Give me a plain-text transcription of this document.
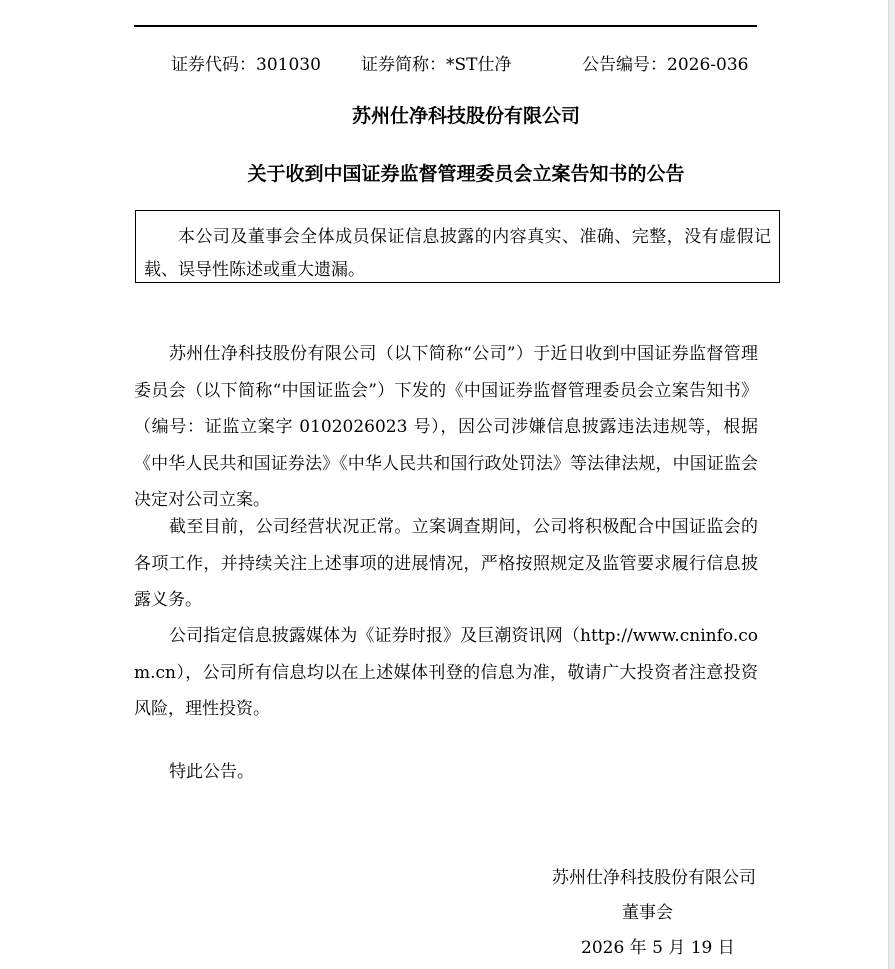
证券代码：301030 证券简称：*ST仕净	公告编号：2026-036
苏州仕净科技股份有限公司
关于收到中国证券监督管理委员会立案告知书的公告
本公司及董事会全体成员保证信息披露的内容真实、准确、完整，没有虚假记载、误导性陈述或重大遗漏。

苏州仕净科技股份有限公司（以下简称“公司”）于近日收到中国证券监督管理委员会（以下简称“中国证监会”）下发的《中国证券监督管理委员会立案告知书》（编号：证监立案字 0102026023 号），因公司涉嫌信息披露违法违规等，根据《中华人民共和国证券法》《中华人民共和国行政处罚法》等法律法规，中国证监会决定对公司立案。

截至目前，公司经营状况正常。立案调查期间，公司将积极配合中国证监会的各项工作，并持续关注上述事项的进展情况，严格按照规定及监管要求履行信息披露义务。

公司指定信息披露媒体为《证券时报》及巨潮资讯网（http://www.cninfo.com.cn），公司所有信息均以在上述媒体刊登的信息为准，敬请广大投资者注意投资风险，理性投资。

特此公告。

苏州仕净科技股份有限公司
董事会
2026 年 5 月 19 日
